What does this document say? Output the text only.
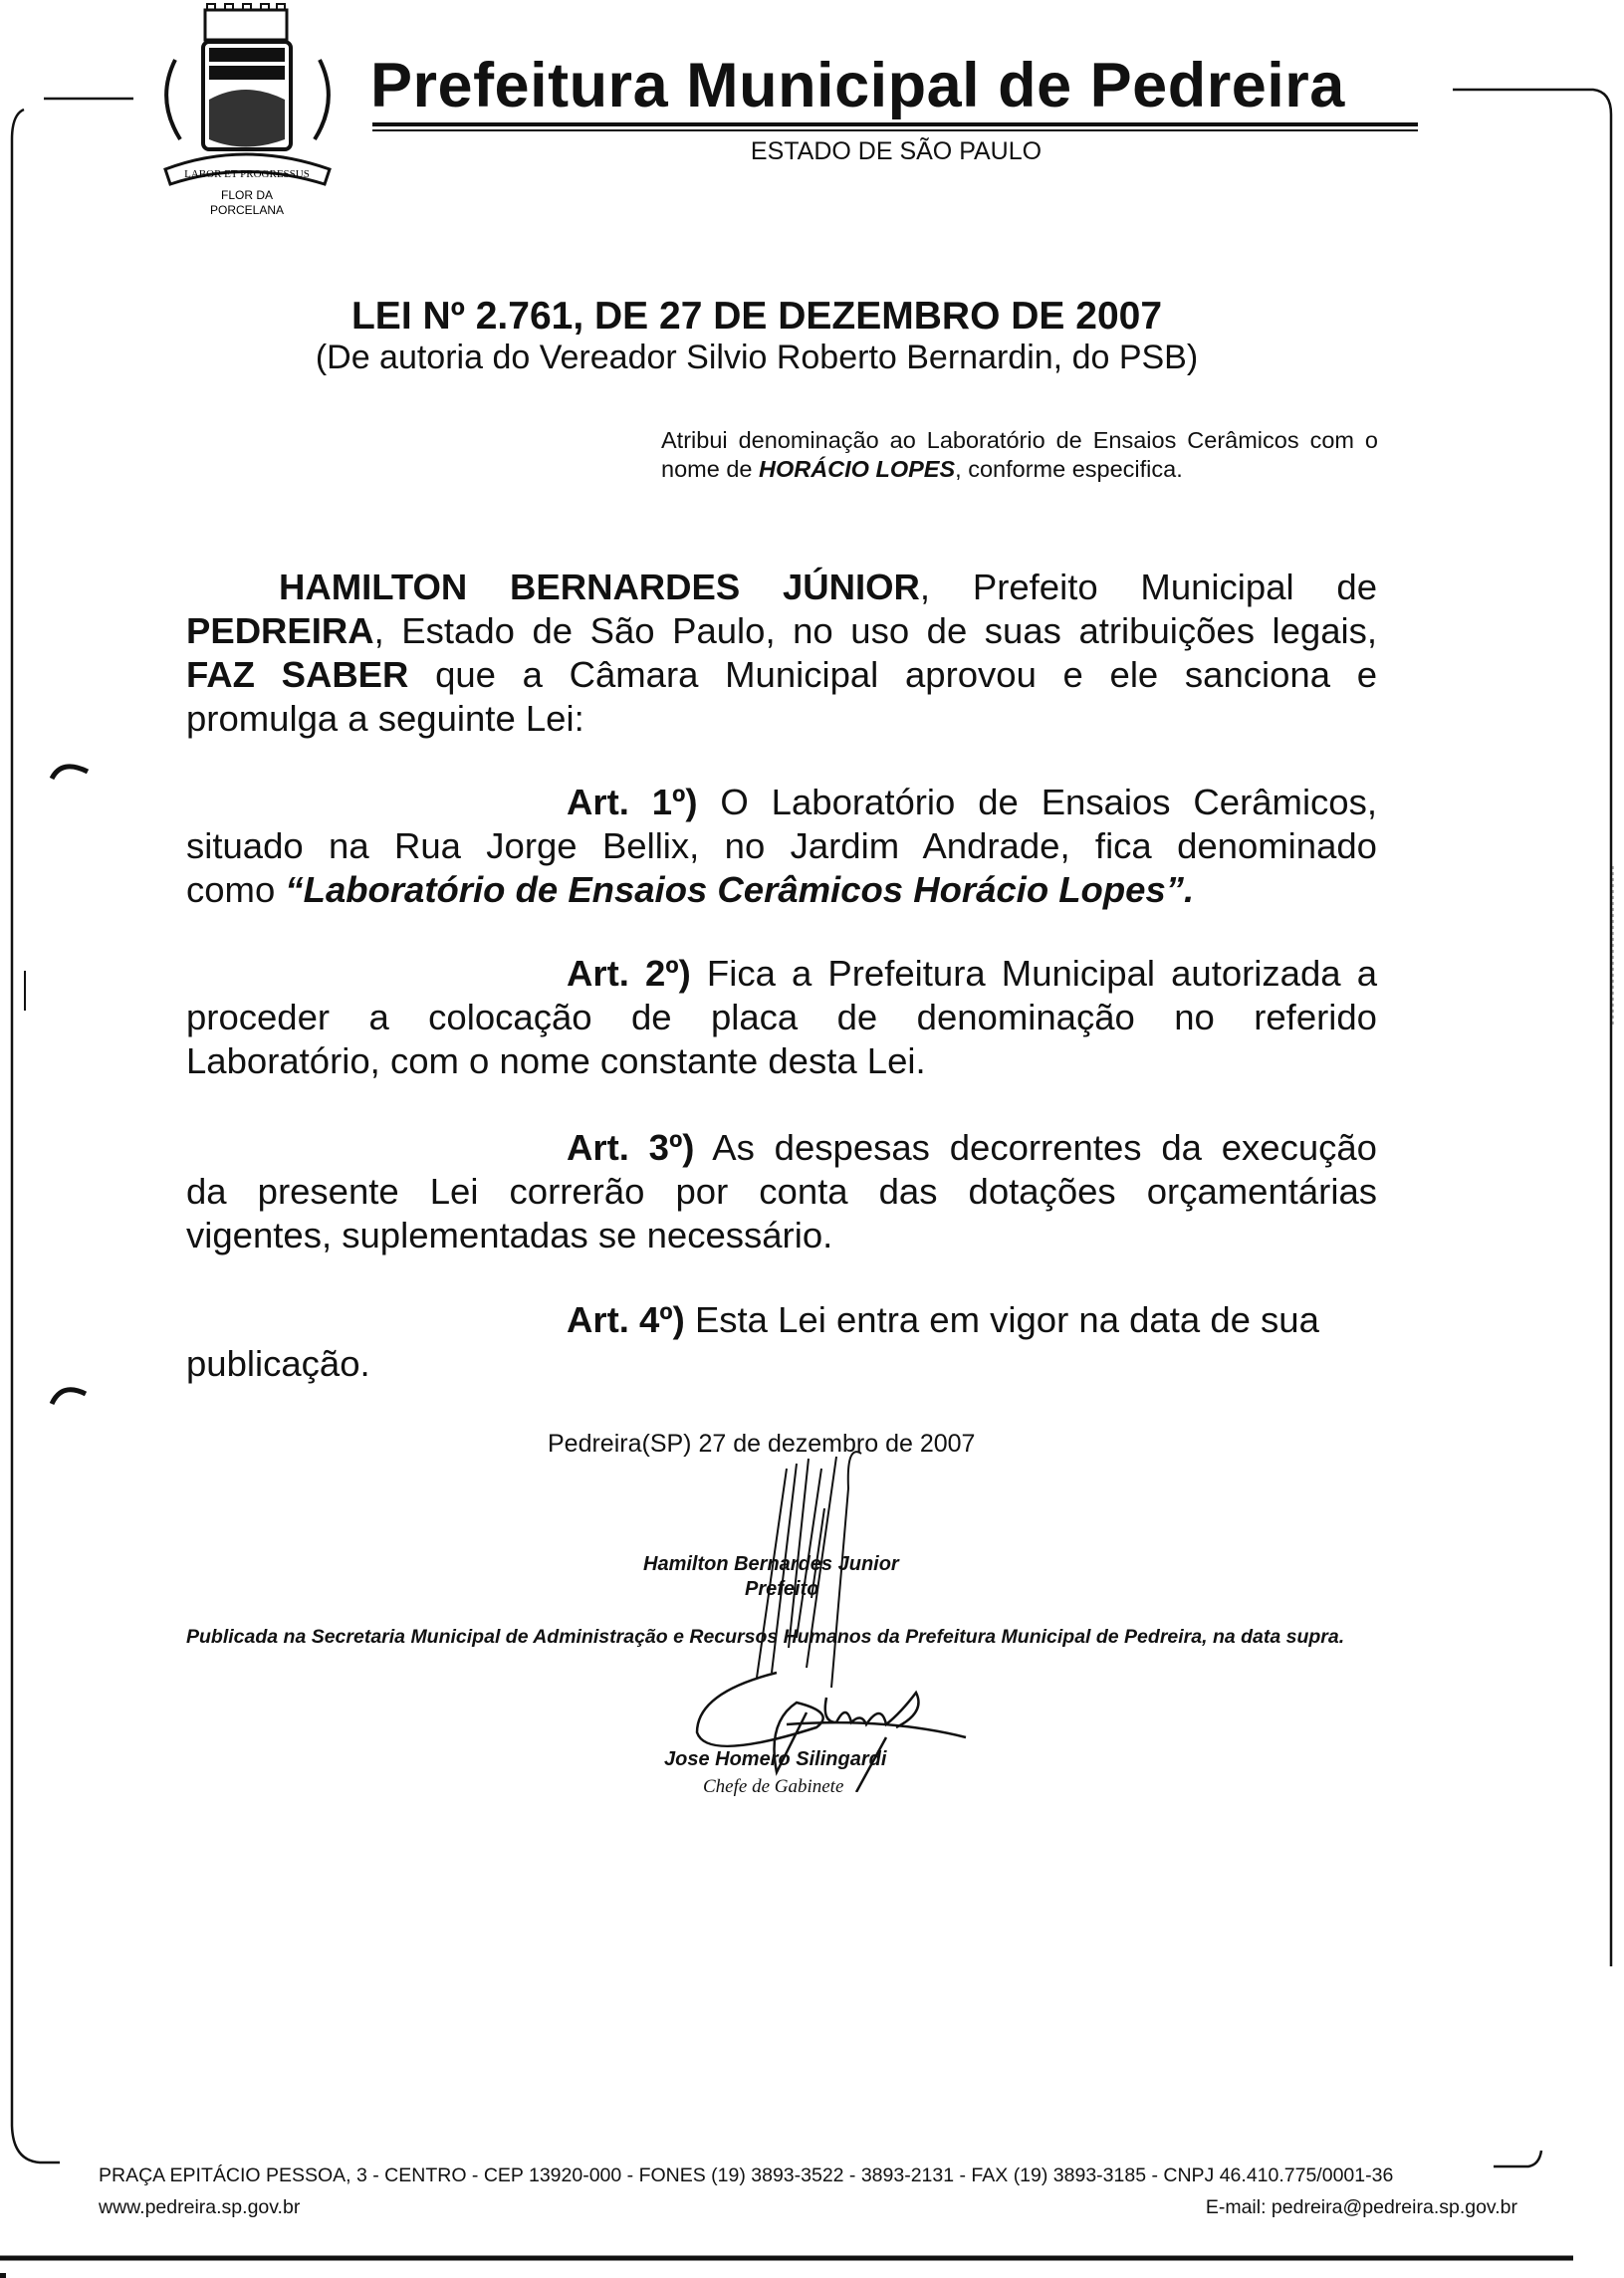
LABOR ET PROGRESSUS
FLOR DA
PORCELANA
Prefeitura Municipal de Pedreira
ESTADO DE SÃO PAULO
LEI Nº 2.761, DE 27 DE DEZEMBRO DE 2007
(De autoria do Vereador Silvio Roberto Bernardin, do PSB)
Atribui denominação ao Laboratório de Ensaios Cerâmicos com o nome de HORÁCIO LOPES, conforme especifica.
HAMILTON BERNARDES JÚNIOR, Prefeito Municipal de
PEDREIRA, Estado de São Paulo, no uso de suas atribuições legais,
FAZ SABER que a Câmara Municipal aprovou e ele sanciona e
promulga a seguinte Lei:
Art. 1º) O Laboratório de Ensaios Cerâmicos,
situado na Rua Jorge Bellix, no Jardim Andrade, fica denominado
como “Laboratório de Ensaios Cerâmicos Horácio Lopes”.
Art. 2º) Fica a Prefeitura Municipal autorizada a
proceder a colocação de placa de denominação no referido
Laboratório, com o nome constante desta Lei.
Art. 3º) As despesas decorrentes da execução
da presente Lei correrão por conta das dotações orçamentárias
vigentes, suplementadas se necessário.
Art. 4º) Esta Lei entra em vigor na data de sua
publicação.
Pedreira(SP) 27 de dezembro de 2007
Hamilton Bernardes Junior
Prefeito
Publicada na Secretaria Municipal de Administração e Recursos Humanos da Prefeitura Municipal de Pedreira, na data supra.
Jose Homero Silingardi
Chefe de Gabinete
PRAÇA EPITÁCIO PESSOA, 3 - CENTRO - CEP 13920-000 - FONES (19) 3893-3522 - 3893-2131 - FAX (19) 3893-3185 - CNPJ 46.410.775/0001-36
www.pedreira.sp.gov.br	E-mail: pedreira@pedreira.sp.gov.br
